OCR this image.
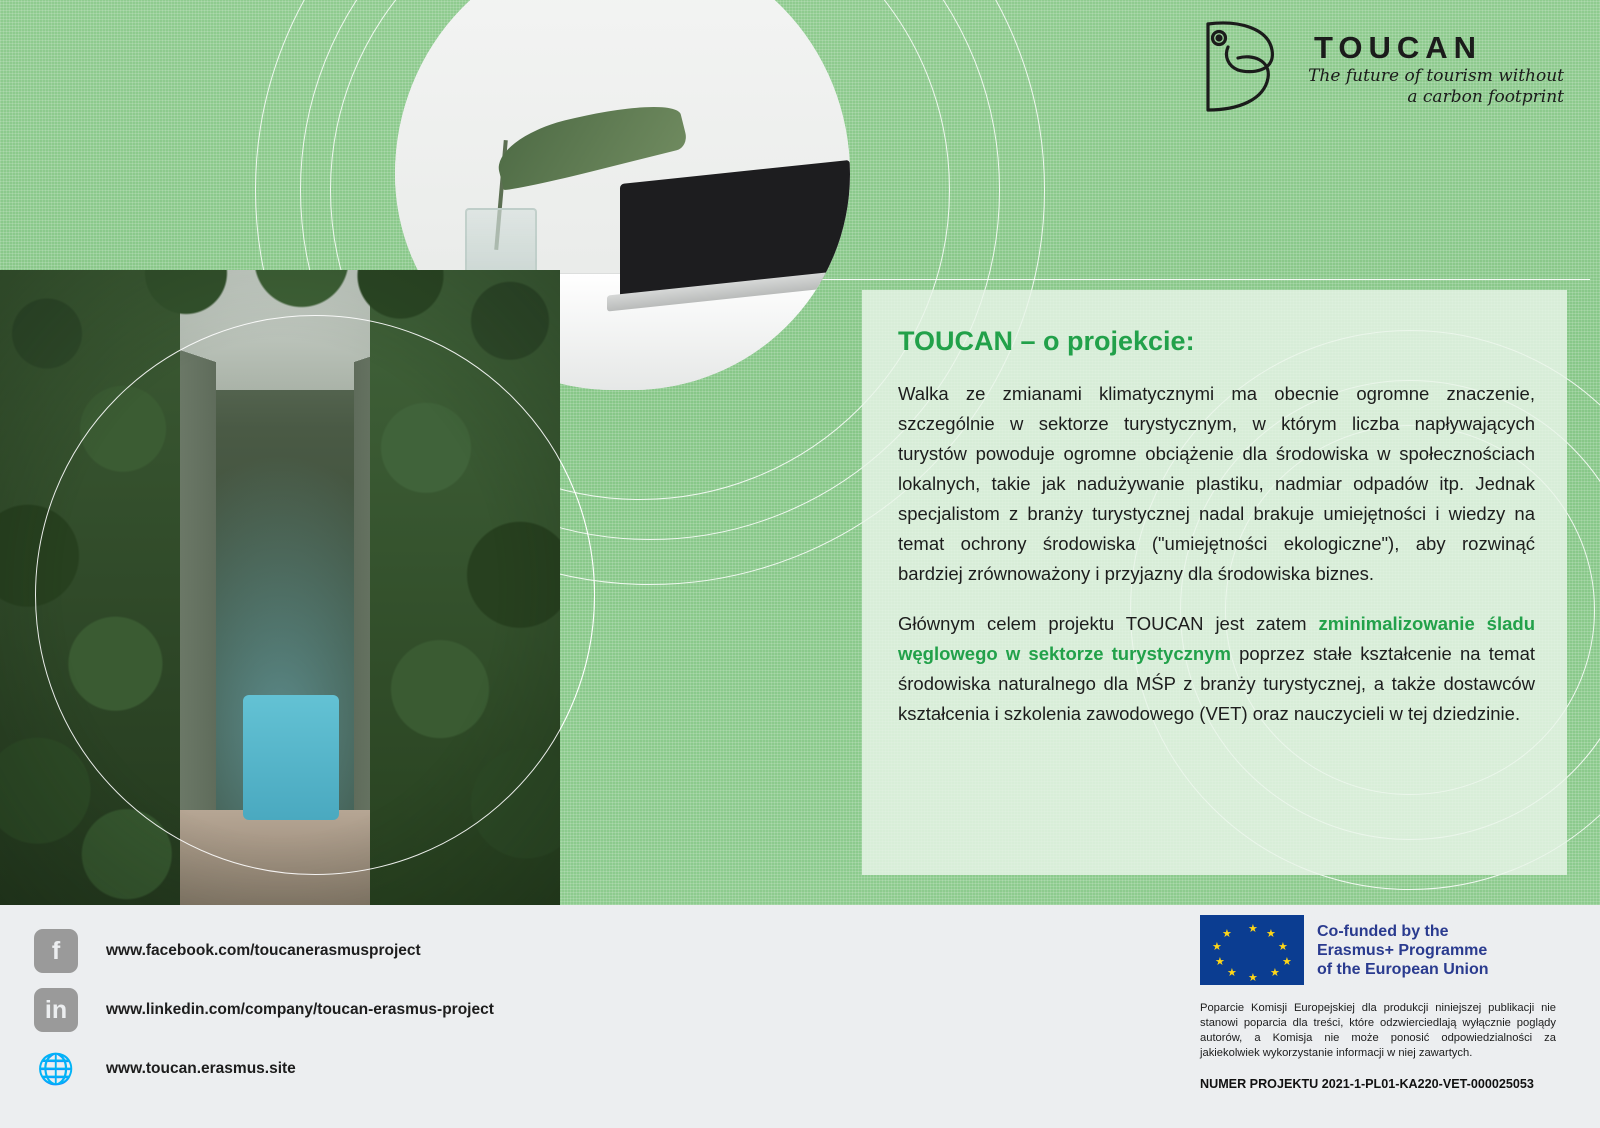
TOUCAN
The future of tourism without a carbon footprint
TOUCAN – o projekcie:

Walka ze zmianami klimatycznymi ma obecnie ogromne znaczenie, szczególnie w sektorze turystycznym, w którym liczba napływających turystów powoduje ogromne obciążenie dla środowiska w społecznościach lokalnych, takie jak nadużywanie plastiku, nadmiar odpadów itp. Jednak specjalistom z branży turystycznej nadal brakuje umiejętności i wiedzy na temat ochrony środowiska ("umiejętności ekologiczne"), aby rozwinąć bardziej zrównoważony i przyjazny dla środowiska biznes.

Głównym celem projektu TOUCAN jest zatem zminimalizowanie śladu węglowego w sektorze turystycznym poprzez stałe kształcenie na temat środowiska naturalnego dla MŚP z branży turystycznej, a także dostawców kształcenia i szkolenia zawodowego (VET) oraz nauczycieli w tej dziedzinie.

f	www.facebook.com/toucanerasmusproject
in	www.linkedin.com/company/toucan-erasmus-project
🌐 www.toucan.erasmus.site
★ ★
★
★
★
★
★
★
★
★	Co-funded by the
Erasmus+ Programme
of the European Union
Poparcie Komisji Europejskiej dla produkcji niniejszej publikacji nie stanowi poparcia dla treści, które odzwierciedlają wyłącznie poglądy autorów, a Komisja nie może ponosić odpowiedzialności za jakiekolwiek wykorzystanie informacji w niej zawartych.
NUMER PROJEKTU 2021-1-PL01-KA220-VET-000025053
